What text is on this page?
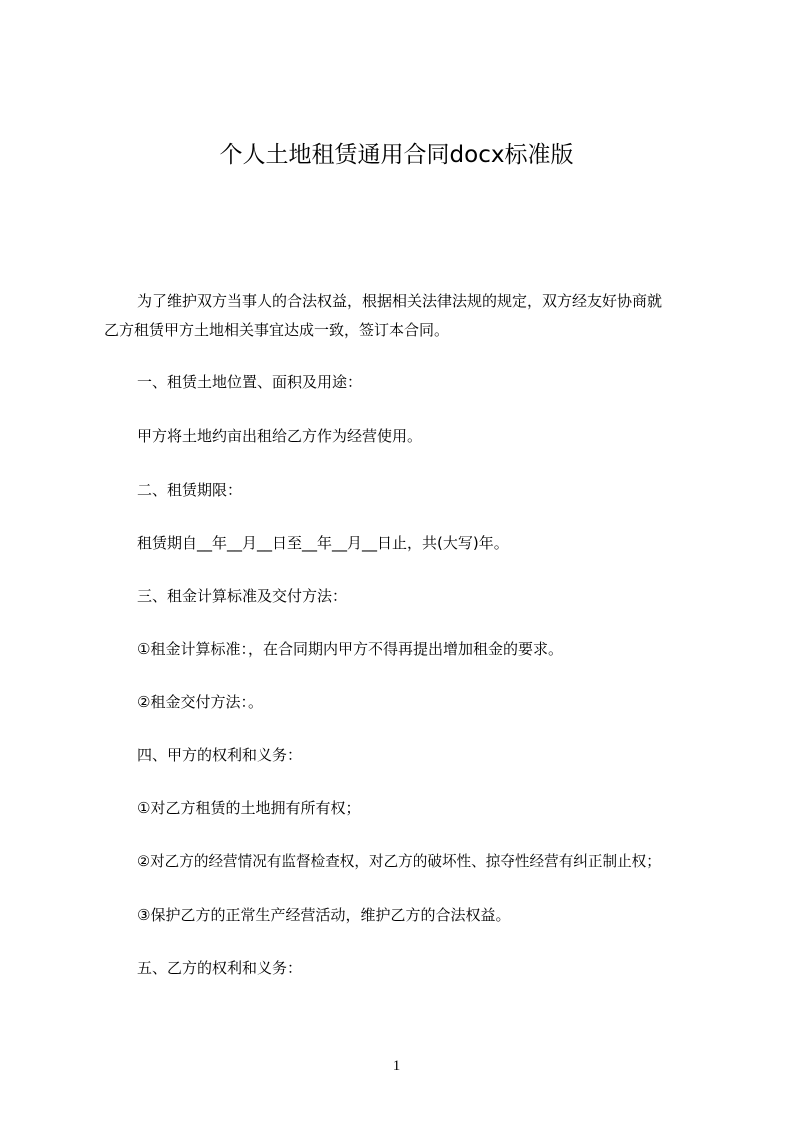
个人土地租赁通用合同docx标准版
为了维护双方当事人的合法权益，根据相关法律法规的规定，双方经友好协商就
乙方租赁甲方土地相关事宜达成一致，签订本合同。
一、租赁土地位置、面积及用途：
甲方将土地约亩出租给乙方作为经营使用。
二、租赁期限：
租赁期自__年__月__日至__年__月__日止，共(大写)年。
三、租金计算标准及交付方法：
①租金计算标准：，在合同期内甲方不得再提出增加租金的要求。
②租金交付方法：。
四、甲方的权利和义务：
①对乙方租赁的土地拥有所有权；
②对乙方的经营情况有监督检查权，对乙方的破坏性、掠夺性经营有纠正制止权；
③保护乙方的正常生产经营活动，维护乙方的合法权益。
五、乙方的权利和义务：
1
